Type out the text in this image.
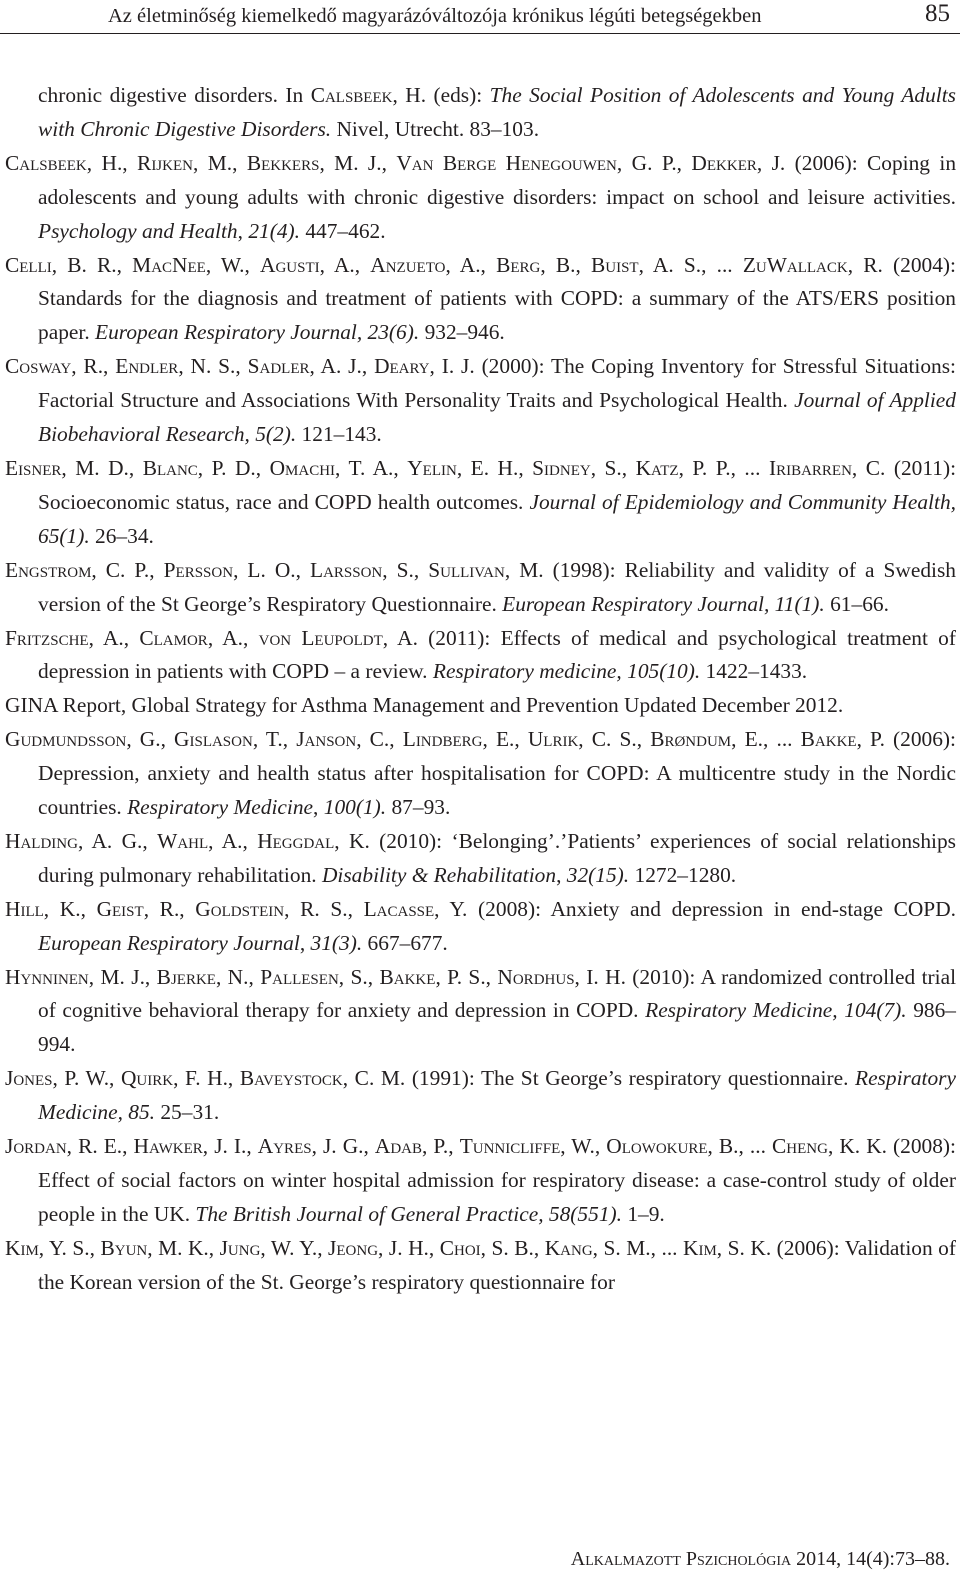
Az életminőség kiemelkedő magyarázóváltozója krónikus légúti betegségekben	85

chronic digestive disorders. In Calsbeek, H. (eds): The Social Position of Adolescents and Young Adults with Chronic Digestive Disorders. Nivel, Utrecht. 83–103.

Calsbeek, H., Rijken, M., Bekkers, M. J., Van Berge Henegouwen, G. P., Dekker, J. (2006): Coping in adolescents and young adults with chronic digestive disorders: impact on school and leisure activities. Psychology and Health, 21(4). 447–462.

Celli, B. R., MacNee, W., Agusti, A., Anzueto, A., Berg, B., Buist, A. S., ... ZuWallack, R. (2004): Standards for the diagnosis and treatment of patients with COPD: a summary of the ATS/ERS position paper. European Respiratory Journal, 23(6). 932–946.

Cosway, R., Endler, N. S., Sadler, A. J., Deary, I. J. (2000): The Coping Inventory for Stressful Situations: Factorial Structure and Associations With Personality Traits and Psychological Health. Journal of Applied Biobehavioral Research, 5(2). 121–143.

Eisner, M. D., Blanc, P. D., Omachi, T. A., Yelin, E. H., Sidney, S., Katz, P. P., ... Iribarren, C. (2011): Socioeconomic status, race and COPD health outcomes. Journal of Epidemiology and Community Health, 65(1). 26–34.

Engstrom, C. P., Persson, L. O., Larsson, S., Sullivan, M. (1998): Reliability and validity of a Swedish version of the St George’s Respiratory Questionnaire. European Respiratory Journal, 11(1). 61–66.

Fritzsche, A., Clamor, A., von Leupoldt, A. (2011): Effects of medical and psychological treatment of depression in patients with COPD – a review. Respiratory medicine, 105(10). 1422–1433.

GINA Report, Global Strategy for Asthma Management and Prevention Updated December 2012.

Gudmundsson, G., Gislason, T., Janson, C., Lindberg, E., Ulrik, C. S., Brøndum, E., ... Bakke, P. (2006): Depression, anxiety and health status after hospitalisation for COPD: A multicentre study in the Nordic countries. Respiratory Medicine, 100(1). 87–93.

Halding, A. G., Wahl, A., Heggdal, K. (2010): ‘Belonging’.’Patients’ experiences of social relationships during pulmonary rehabilitation. Disability & Rehabilitation, 32(15). 1272–1280.

Hill, K., Geist, R., Goldstein, R. S., Lacasse, Y. (2008): Anxiety and depression in end-stage COPD. European Respiratory Journal, 31(3). 667–677.

Hynninen, M. J., Bjerke, N., Pallesen, S., Bakke, P. S., Nordhus, I. H. (2010): A randomized controlled trial of cognitive behavioral therapy for anxiety and depression in COPD. Respiratory Medicine, 104(7). 986–994.

Jones, P. W., Quirk, F. H., Baveystock, C. M. (1991): The St George’s respiratory questionnaire. Respiratory Medicine, 85. 25–31.

Jordan, R. E., Hawker, J. I., Ayres, J. G., Adab, P., Tunnicliffe, W., Olowokure, B., ... Cheng, K. K. (2008): Effect of social factors on winter hospital admission for respiratory disease: a case-control study of older people in the UK. The British Journal of General Practice, 58(551). 1–9.

Kim, Y. S., Byun, M. K., Jung, W. Y., Jeong, J. H., Choi, S. B., Kang, S. M., ... Kim, S. K. (2006): Validation of the Korean version of the St. George’s respiratory questionnaire for

Alkalmazott Pszichológia 2014, 14(4):73–88.
